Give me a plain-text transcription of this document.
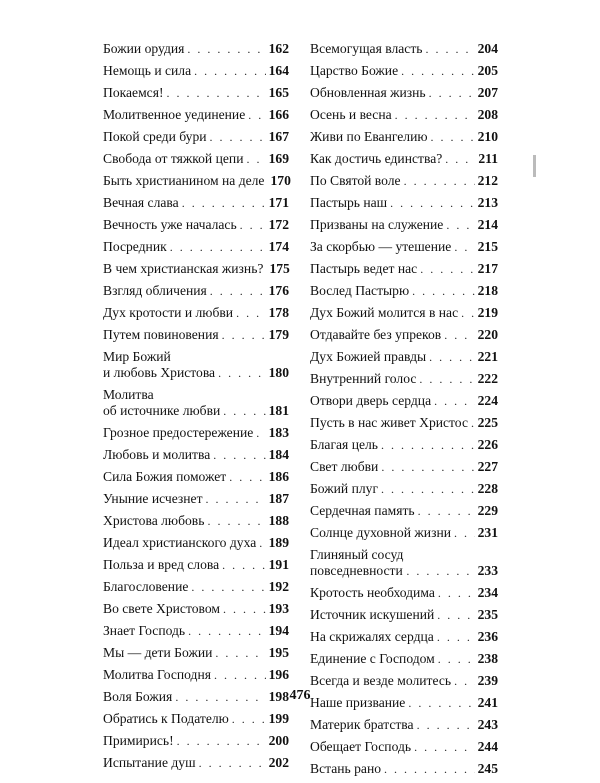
Божии орудия . . .	162
Немощь и сила . . .	164
Покаемся! . . .	165
Молитвенное уединение . . . 166
Покой среди бури . . .	167
Свобода от тяжкой цепи . . . 169
Быть христианином на деле 170
Вечная слава . . .	171
Вечность уже началась . . . 172
Посредник . . .	174
В чем христианская жизнь? 175
Взгляд обличения . . .	176
Дух кротости и любви . . .	178
Путем повиновения . . .	179
Мир Божий
и любовь Христова . . .	180
Молитва
об источнике любви . . .	181
Грозное предостережение . . . 183
Любовь и молитва . . .	184
Сила Божия поможет . . .	186
Уныние исчезнет . . .	187
Христова любовь . . .	188
Идеал христианского духа . . . 189
Польза и вред слова . . .	191
Благословение . . .	192
Во свете Христовом . . .	193
Знает Господь . . .	194
Мы — дети Божии . . .	195
Молитва Господня . . .	196
Воля Божия . . .	198
Обратись к Подателю . . .	199
Примирись! . . .	200
Испытание душ . . .	202
Всемогущая власть . . .	204
Царство Божие . . .	205
Обновленная жизнь . . .	207
Осень и весна . . .	208
Живи по Евангелию . . .	210
Как достичь единства? . . .	211
По Святой воле . . .	212
Пастырь наш . . .	213
Призваны на служение . . .	214
За скорбью — утешение . . . 215
Пастырь ведет нас . . .	217
Вослед Пастырю . . .	218
Дух Божий молится в нас . . . 219
Отдавайте без упреков . . .	220
Дух Божией правды . . .	221
Внутренний голос . . .	222
Отвори дверь сердца . . .	224
Пусть в нас живет Христос . . . 225
Благая цель . . .	226
Свет любви . . .	227
Божий плуг . . .	228
Сердечная память . . .	229
Солнце духовной жизни . . . 231
Глиняный сосуд
повседневности . . .	233
Кротость необходима . . .	234
Источник искушений . . .	235
На скрижалях сердца . . .	236
Единение с Господом . . .	238
Всегда и везде молитесь . . . 239
Наше призвание . . .	241
Материк братства . . .	243
Обещает Господь . . .	244
Встань рано . . .	245
476
